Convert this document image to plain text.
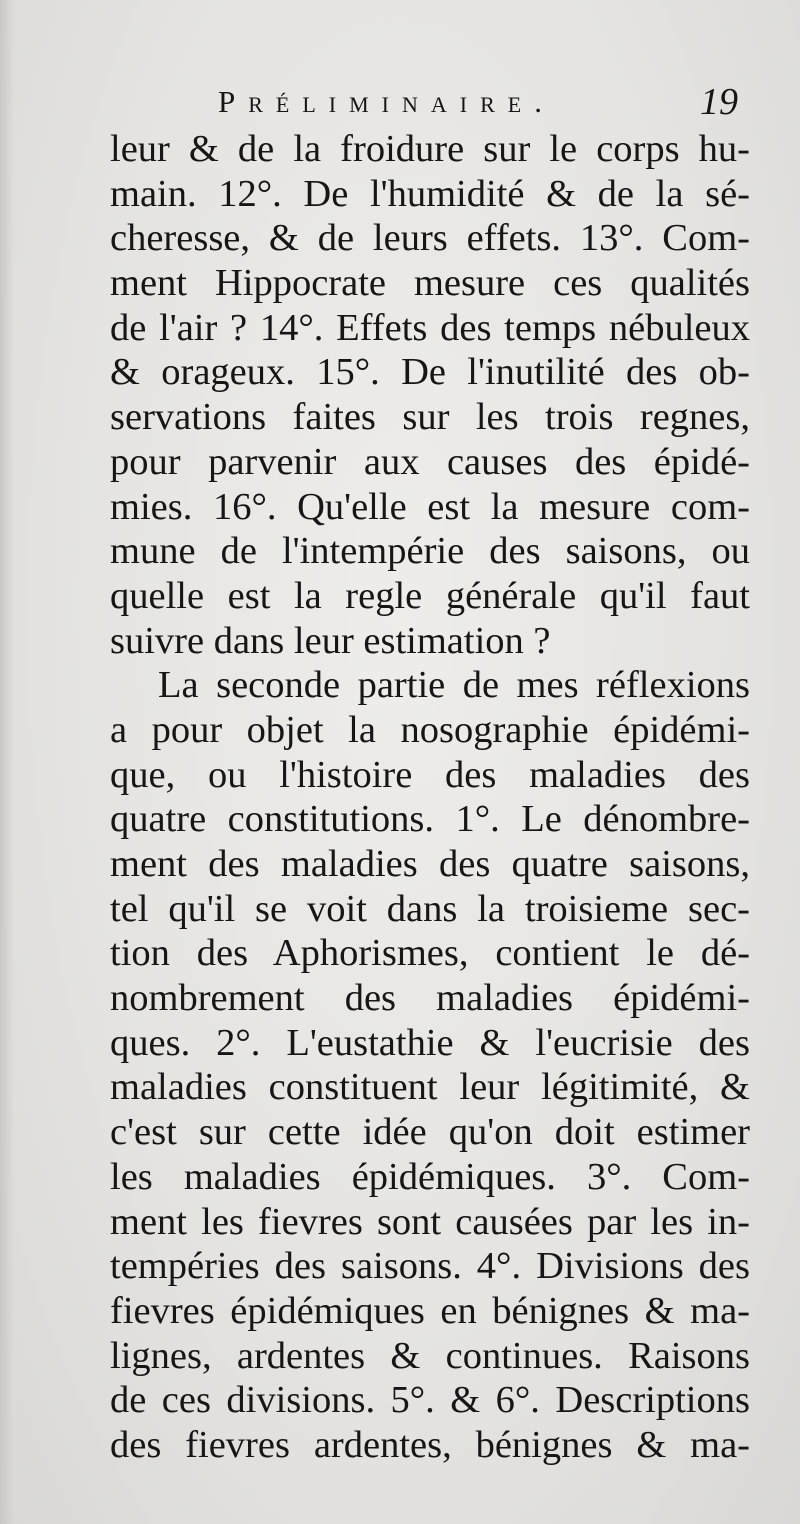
Préliminaire.	19
leur & de la froidure sur le corps hu-
main. 12°. De l'humidité & de la sé-
cheresse, & de leurs effets. 13°. Com-
ment Hippocrate mesure ces qualités
de l'air ? 14°. Effets des temps nébuleux
& orageux. 15°. De l'inutilité des ob-
servations faites sur les trois regnes,
pour parvenir aux causes des épidé-
mies. 16°. Qu'elle est la mesure com-
mune de l'intempérie des saisons, ou
quelle est la regle générale qu'il faut
suivre dans leur estimation ?
La seconde partie de mes réflexions
a pour objet la nosographie épidémi-
que, ou l'histoire des maladies des
quatre constitutions. 1°. Le dénombre-
ment des maladies des quatre saisons,
tel qu'il se voit dans la troisieme sec-
tion des Aphorismes, contient le dé-
nombrement des maladies épidémi-
ques. 2°. L'eustathie & l'eucrisie des
maladies constituent leur légitimité, &
c'est sur cette idée qu'on doit estimer
les maladies épidémiques. 3°. Com-
ment les fievres sont causées par les in-
tempéries des saisons. 4°. Divisions des
fievres épidémiques en bénignes & ma-
lignes, ardentes & continues. Raisons
de ces divisions. 5°. & 6°. Descriptions
des fievres ardentes, bénignes & ma-
